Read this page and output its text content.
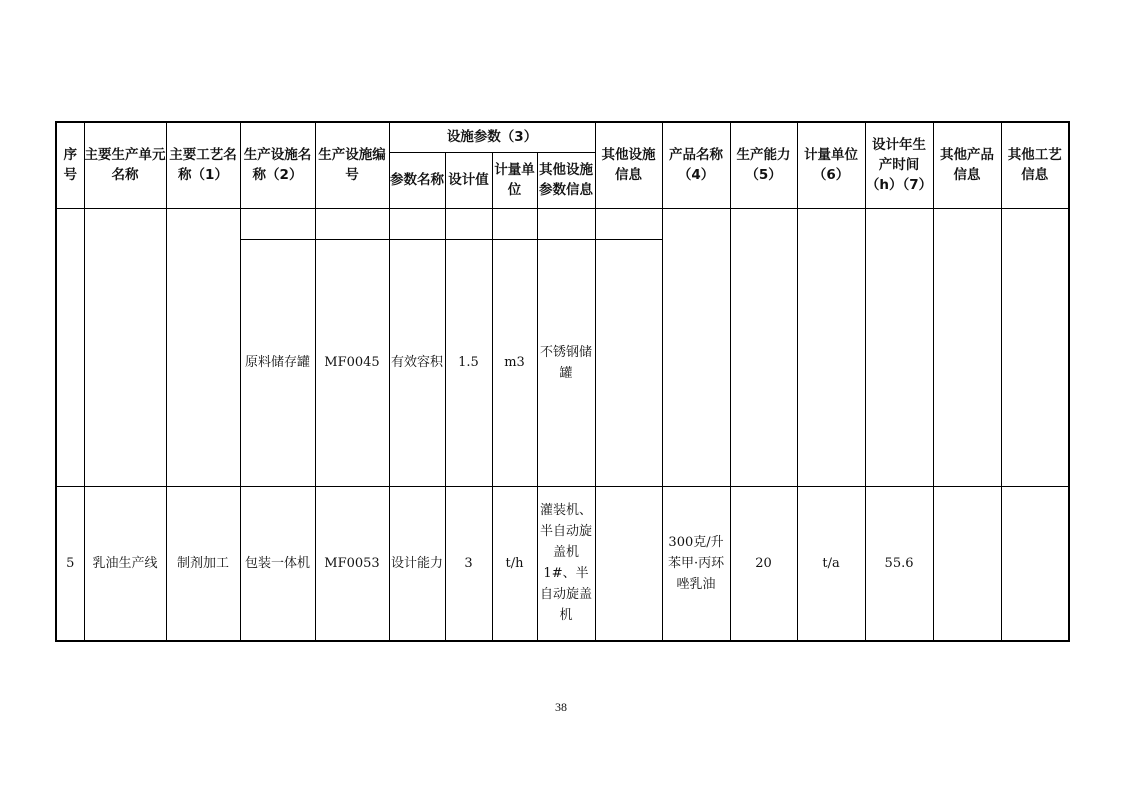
序号	主要生产单元名称	主要工艺名称（1）	生产设施名称（2）	生产设施编号	设施参数（3）				其他设施信息	产品名称（4）	生产能力（5）	计量单位（6）	设计年生产时间（h）（7）	其他产品信息	其他工艺信息
					参数名称	设计值	计量单位	其他设施参数信息							

			原料储存罐	MF0045	有效容积	1.5	m3	不锈钢储罐							
5	乳油生产线	制剂加工	包装一体机	MF0053	设计能力	3	t/h	灌装机、半自动旋盖机1#、半自动旋盖机		300克/升苯甲·丙环唑乳油	20	t/a	55.6		
38
